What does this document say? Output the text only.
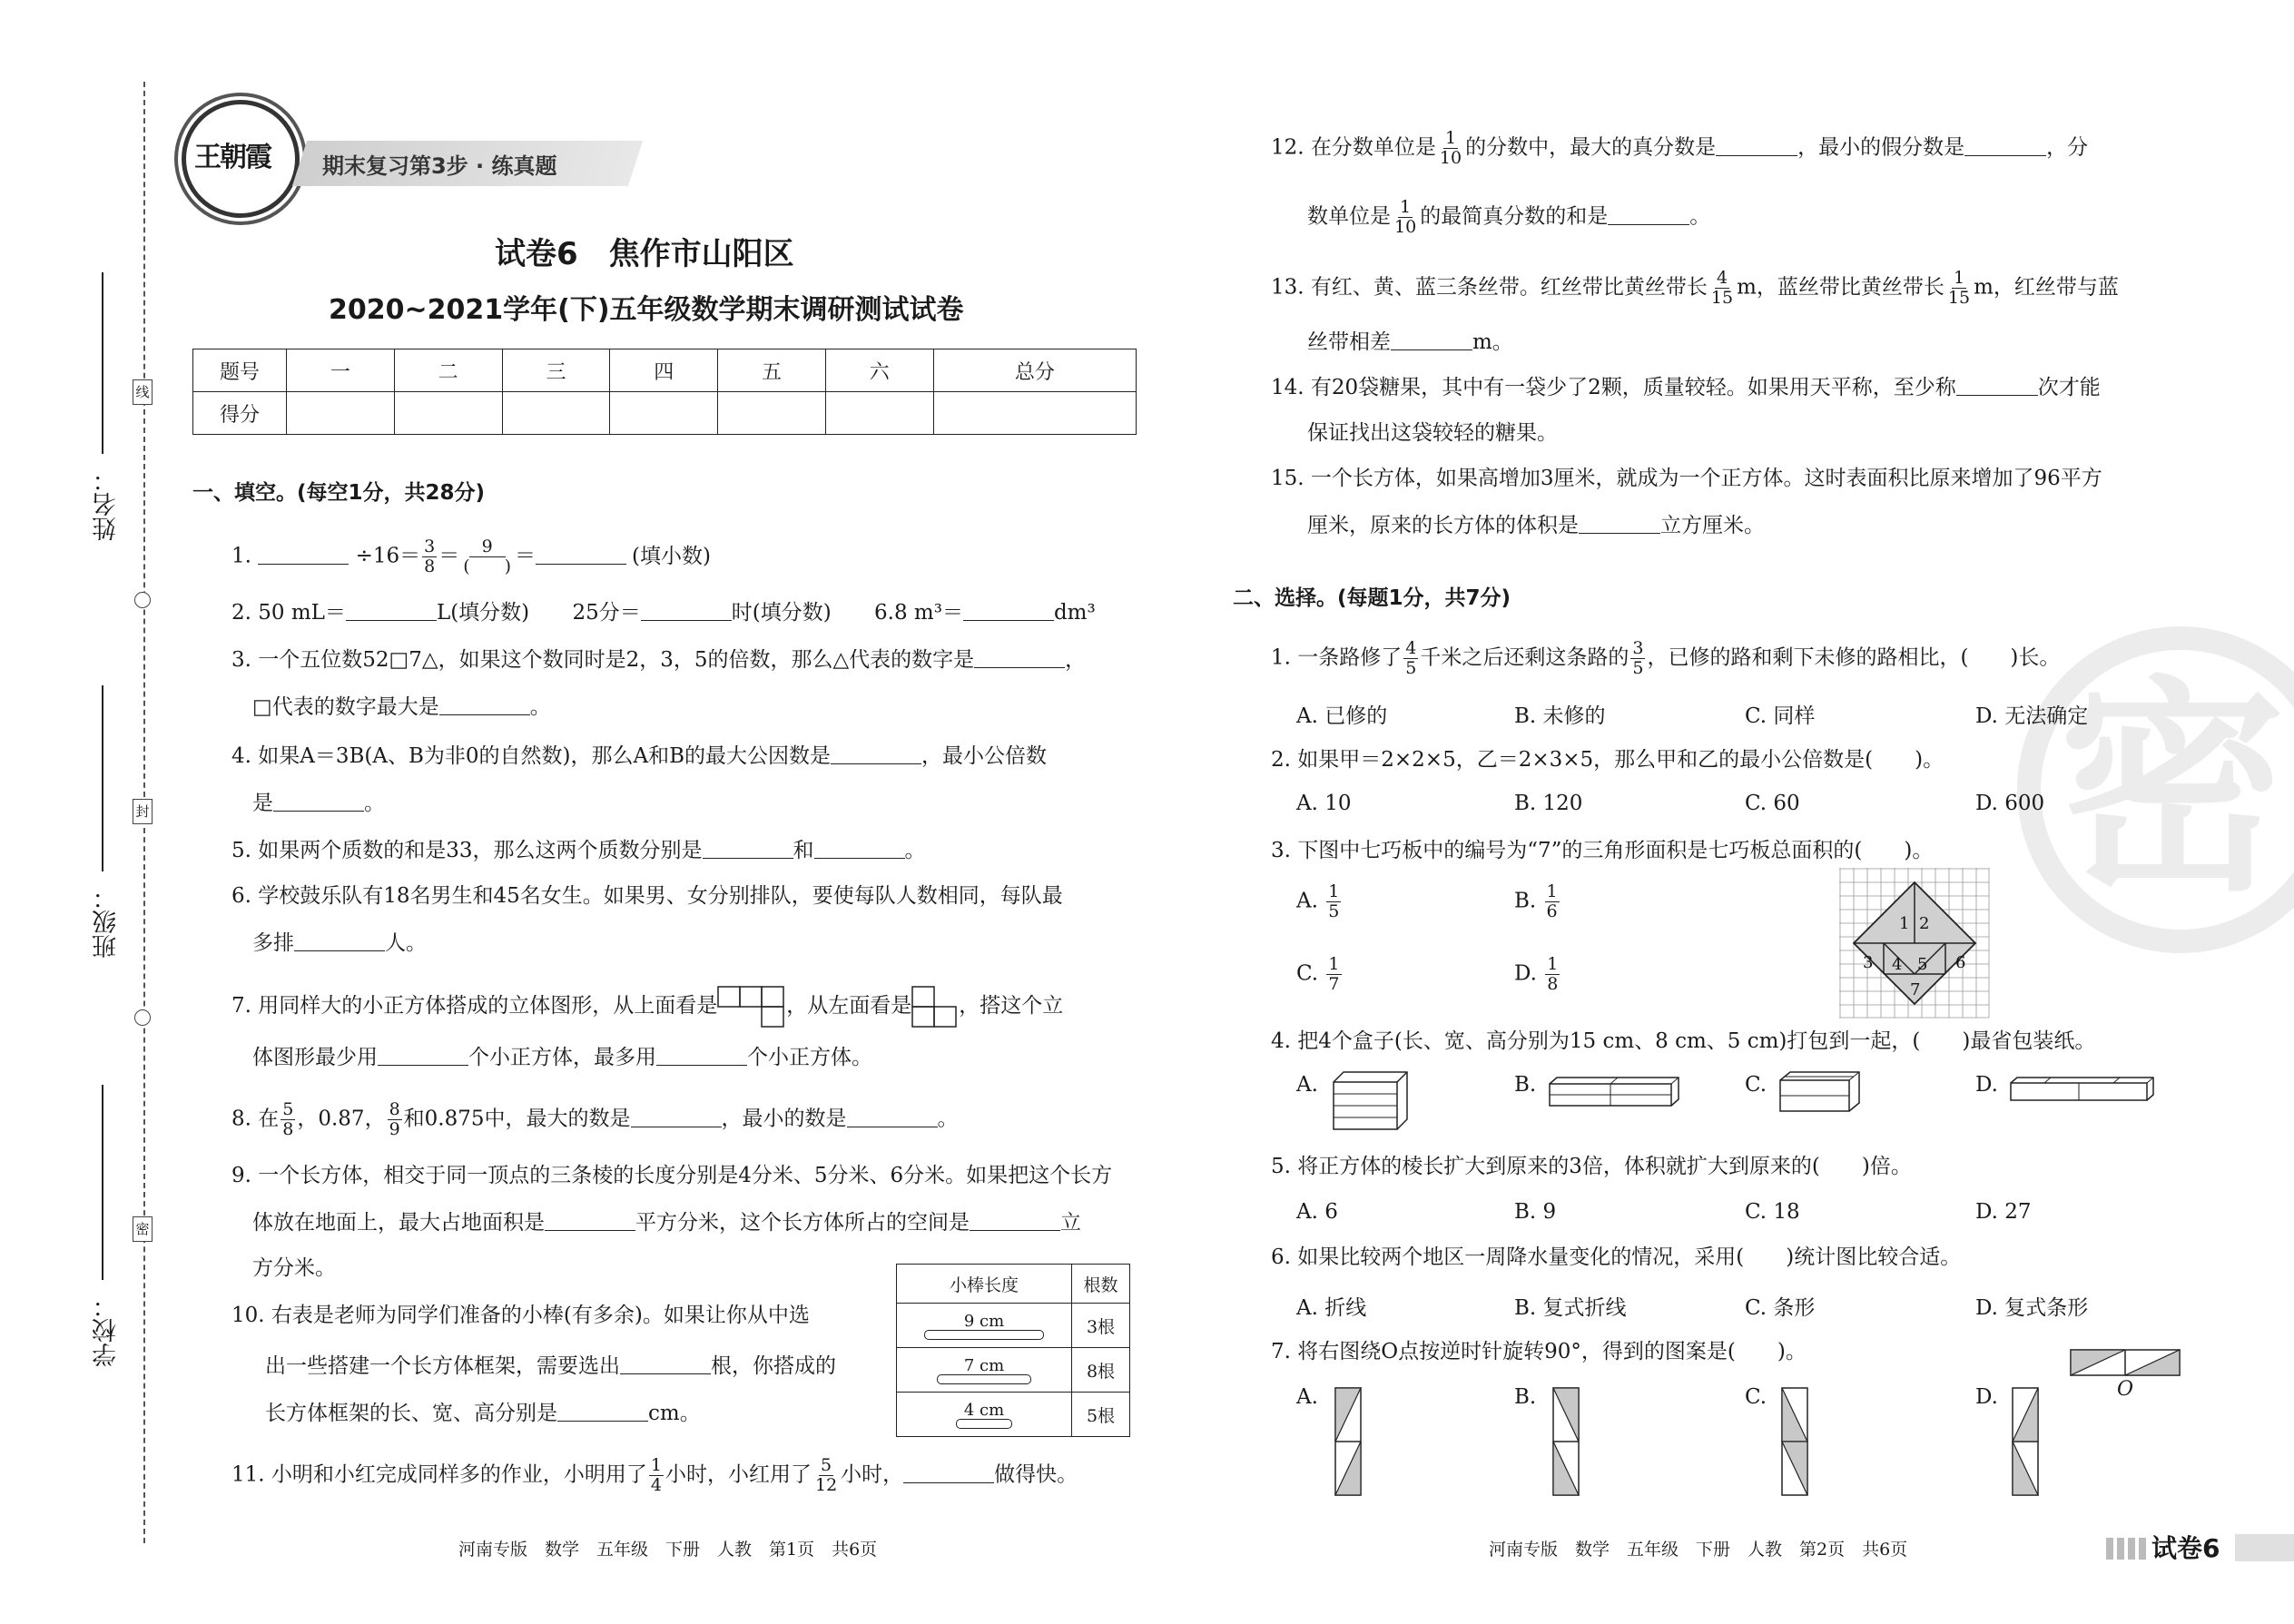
姓名：
班级：
学校：
线
封
密
王朝霞 期末复习第3步 · 练真题
试卷6　焦作市山阳区
2020~2021学年(下)五年级数学期末调研测试试卷
题号	一	二	三	四	五	六	总分
得分							
一、填空。(每空1分，共28分)
1.	$\div 16= \frac{3}{8} = \frac{9}{( )}$ ＝	(填小数)
2. 50 mL＝	L(填分数) 25分＝	时(填分数) 6.8 m³＝	dm³
3. 一个五位数52□7△，如果这个数同时是2，3，5的倍数，那么△代表的数字是	，
□代表的数字最大是	。
4. 如果A＝3B(A、B为非0的自然数)，那么A和B的最大公因数是	，最小公倍数
是	。
5. 如果两个质数的和是33，那么这两个质数分别是	和	。
6. 学校鼓乐队有18名男生和45名女生。如果男、女分别排队，要使每队人数相同，每队最
多排	人。
7. 用同样大的小正方体搭成的立体图形，从上面看是	，从左面看是 ，搭这个立
体图形最少用	个小正方体，最多用	个小正方体。
8. 在 $\frac{5}{8}$ ，0.87， $\frac{8}{9}$ 和0.875中，最大的数是	，最小的数是	。
9. 一个长方体，相交于同一顶点的三条棱的长度分别是4分米、5分米、6分米。如果把这个长方
体放在地面上，最大占地面积是	平方分米，这个长方体所占的空间是	立
方分米。
10. 右表是老师为同学们准备的小棒(有多余)。如果让你从中选
出一些搭建一个长方体框架，需要选出	根，你搭成的
长方体框架的长、宽、高分别是	cm。
小棒长度	根数

9 cm	3根

7 cm	8根

4 cm	5根
11. 小明和小红完成同样多的作业，小明用了 $\frac{1}{4}$ 小时，小红用了 $\frac{5}{12}$ 小时，	做得快。
河南专版　数学　五年级　下册　人教　第1页　共6页
密
12. 在分数单位是 $\frac{1}{10}$ 的分数中，最大的真分数是	，最小的假分数是	，分
数单位是 $\frac{1}{10}$ 的最简真分数的和是	。
13. 有红、黄、蓝三条丝带。红丝带比黄丝带长 $\frac{4}{15}$ m，蓝丝带比黄丝带长 $\frac{1}{15}$ m，红丝带与蓝
丝带相差	m。
14. 有20袋糖果，其中有一袋少了2颗，质量较轻。如果用天平称，至少称	次才能
保证找出这袋较轻的糖果。
15. 一个长方体，如果高增加3厘米，就成为一个正方体。这时表面积比原来增加了96平方
厘米，原来的长方体的体积是	立方厘米。
二、选择。(每题1分，共7分)
1. 一条路修了 $\frac{4}{5}$ 千米之后还剩这条路的 $\frac{3}{5}$ ，已修的路和剩下未修的路相比，(　　)长。
A. 已修的	B. 未修的	C. 同样	D. 无法确定
2. 如果甲＝2×2×5，乙＝2×3×5，那么甲和乙的最小公倍数是(　　)。
A. 10	B. 120	C. 60	D. 600
3. 下图中七巧板中的编号为“7”的三角形面积是七巧板总面积的(　　)。
A. $\frac{1}{5}$	B. $\frac{1}{6}$
C. $\frac{1}{7}$	D. $\frac{1}{8}$
1 2
3 4 5 6
7
4. 把4个盒子(长、宽、高分别为15 cm、8 cm、5 cm)打包到一起，(　　)最省包装纸。
A.	B.	C.	D.
5. 将正方体的棱长扩大到原来的3倍，体积就扩大到原来的(　　)倍。
A. 6	B. 9	C. 18	D. 27
6. 如果比较两个地区一周降水量变化的情况，采用(　　)统计图比较合适。
A. 折线	B. 复式折线	C. 条形	D. 复式条形
7. 将右图绕O点按逆时针旋转90°，得到的图案是(　　)。
O
A.	B.	C.	D.
河南专版　数学　五年级　下册　人教　第2页　共6页	试卷6
